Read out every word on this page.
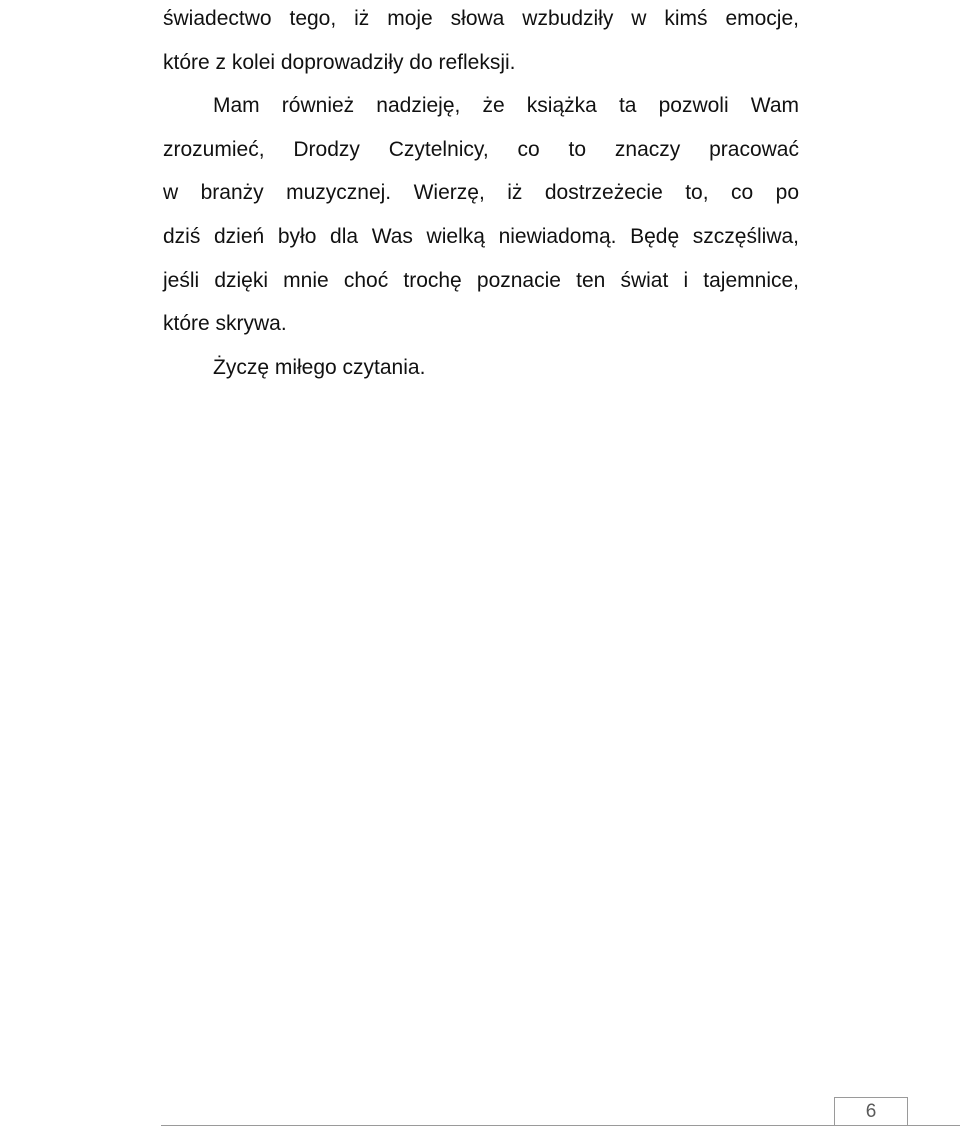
świadectwo tego, iż moje słowa wzbudziły w kimś emocje,
które z kolei doprowadziły do refleksji.
Mam również nadzieję, że książka ta pozwoli Wam
zrozumieć, Drodzy Czytelnicy, co to znaczy pracować
w branży muzycznej. Wierzę, iż dostrzeżecie to, co po
dziś dzień było dla Was wielką niewiadomą. Będę szczęśliwa,
jeśli dzięki mnie choć trochę poznacie ten świat i tajemnice,
które skrywa.
Życzę miłego czytania.
6
